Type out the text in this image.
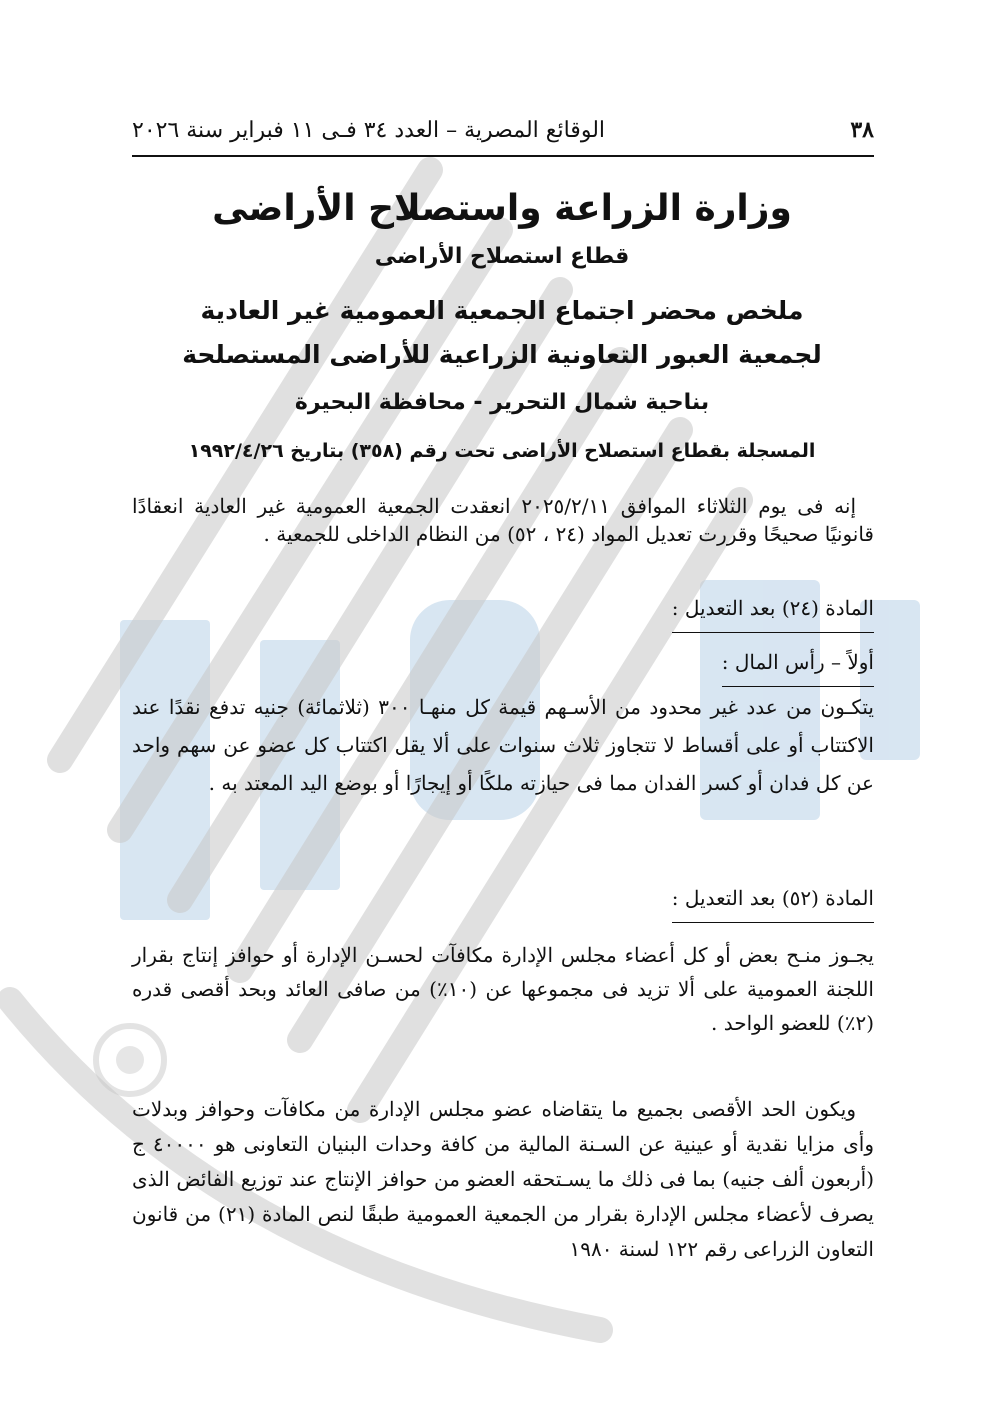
٣٨
الوقائع المصرية – العدد ٣٤ فـى ١١ فبراير سنة ٢٠٢٦
وزارة الزراعة واستصلاح الأراضى
قطاع استصلاح الأراضى
ملخص محضر اجتماع الجمعية العمومية غير العادية
لجمعية العبور التعاونية الزراعية للأراضى المستصلحة
بناحية شمال التحرير - محافظة البحيرة
المسجلة بقطاع استصلاح الأراضى تحت رقم (٣٥٨) بتاريخ ١٩٩٢/٤/٢٦
إنه فى يوم الثلاثاء الموافق ٢٠٢٥/٢/١١ انعقدت الجمعية العمومية غير العادية انعقادًا قانونيًا صحيحًا وقررت تعديل المواد (٢٤ ، ٥٢) من النظام الداخلى للجمعية .
المادة (٢٤) بعد التعديل :
أولاً – رأس المال :
يتكـون من عدد غير محدود من الأسـهم قيمة كل منهـا ٣٠٠ (ثلاثمائة) جنيه تدفع نقدًا عند الاكتتاب أو على أقساط لا تتجاوز ثلاث سنوات على ألا يقل اكتتاب كل عضو عن سهم واحد عن كل فدان أو كسر الفدان مما فى حيازته ملكًا أو إيجارًا أو بوضع اليد المعتد به .
المادة (٥٢) بعد التعديل :
يجـوز منـح بعض أو كل أعضاء مجلس الإدارة مكافآت لحسـن الإدارة أو حوافز إنتاج بقرار اللجنة العمومية على ألا تزيد فى مجموعها عن (١٠٪) من صافى العائد وبحد أقصى قدره (٢٪) للعضو الواحد .
ويكون الحد الأقصى بجميع ما يتقاضاه عضو مجلس الإدارة من مكافآت وحوافز وبدلات وأى مزايا نقدية أو عينية عن السـنة المالية من كافة وحدات البنيان التعاونى هو ٤٠٠٠٠ ج (أربعون ألف جنيه) بما فى ذلك ما يسـتحقه العضو من حوافز الإنتاج عند توزيع الفائض الذى يصرف لأعضاء مجلس الإدارة بقرار من الجمعية العمومية طبقًا لنص المادة (٢١) من قانون التعاون الزراعى رقم ١٢٢ لسنة ١٩٨٠
